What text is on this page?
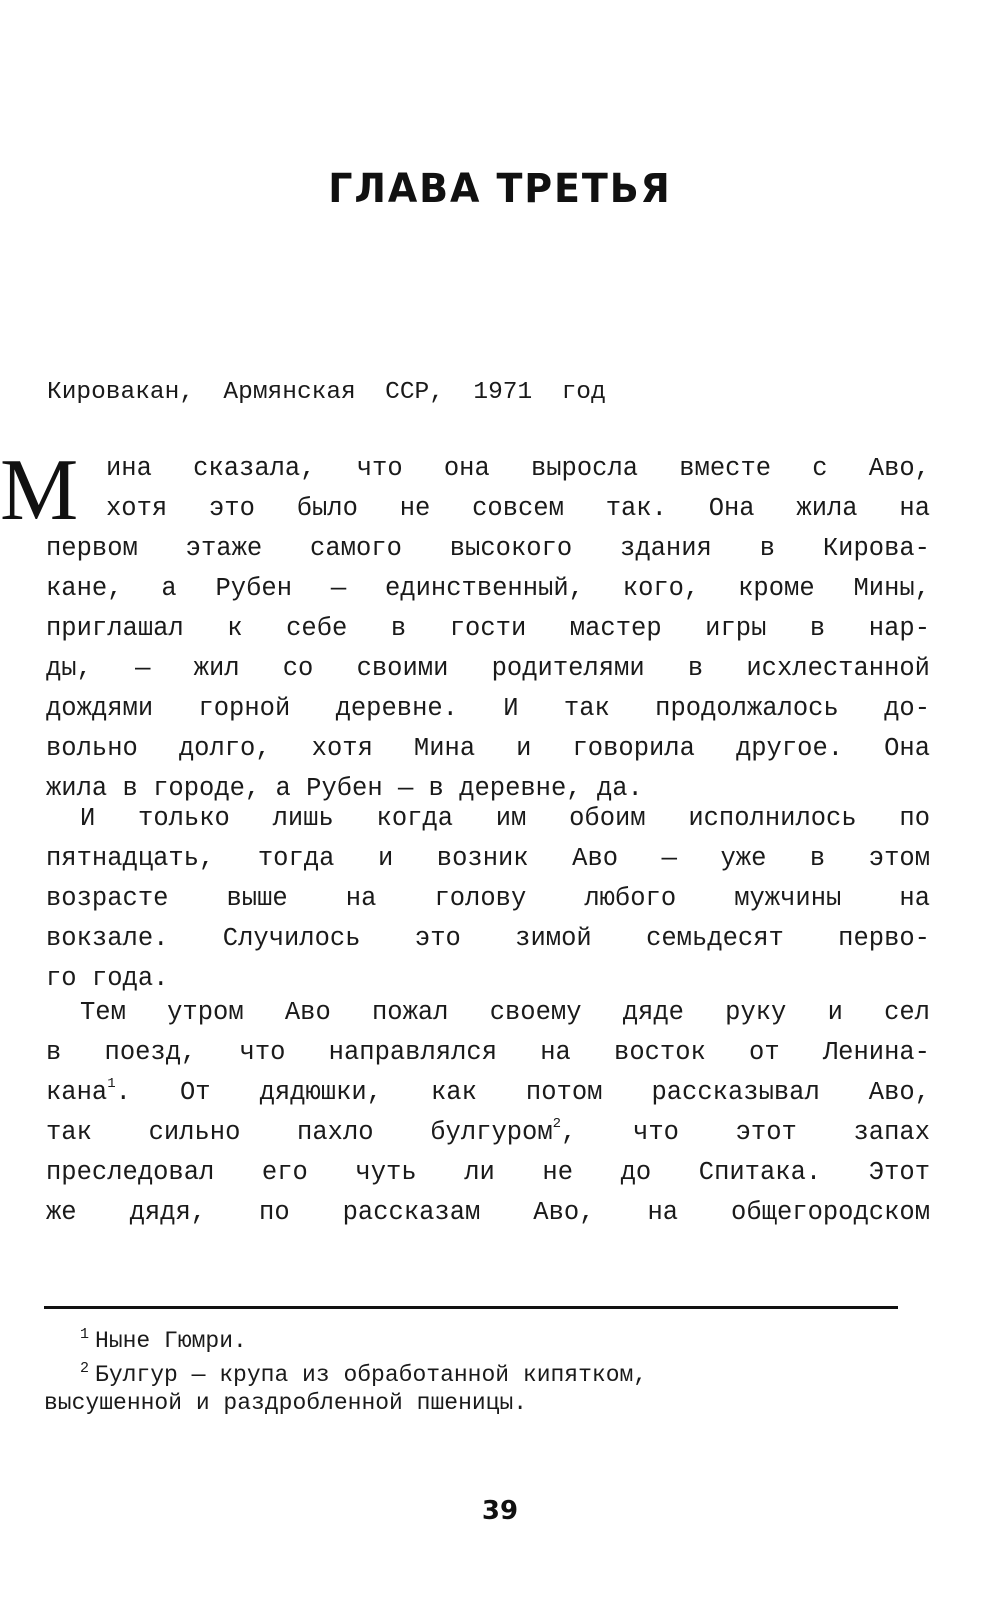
ГЛАВА ТРЕТЬЯ
Кировакан,  Армянская  ССР,  1971  год
М	ина сказала, что она выросла вместе с Аво,
хотя это было не совсем так. Она жила на
первом этаже самого высокого здания в Кирова-
кане, а Рубен — единственный, кого, кроме Мины,
приглашал к себе в гости мастер игры в нар-
ды, — жил со своими родителями в исхлестанной
дождями горной деревне. И так продолжалось до-
вольно долго, хотя Мина и говорила другое. Она
жила в городе, а Рубен — в деревне, да.
И только лишь когда им обоим исполнилось по
пятнадцать, тогда и возник Аво — уже в этом
возрасте выше на голову любого мужчины на
вокзале. Случилось это зимой семьдесят перво-
го года.
Тем утром Аво пожал своему дяде руку и сел
в поезд, что направлялся на восток от Ленина-
кана$^1$. От дядюшки, как потом рассказывал Аво,
так сильно пахло булгуром$^2$, что этот запах
преследовал его чуть ли не до Спитака. Этот
же дядя, по рассказам Аво, на общегородском
$^1$ Ныне Гюмри.
$^2$ Булгур — крупа из обработанной кипятком,
высушенной и раздробленной пшеницы.
39
